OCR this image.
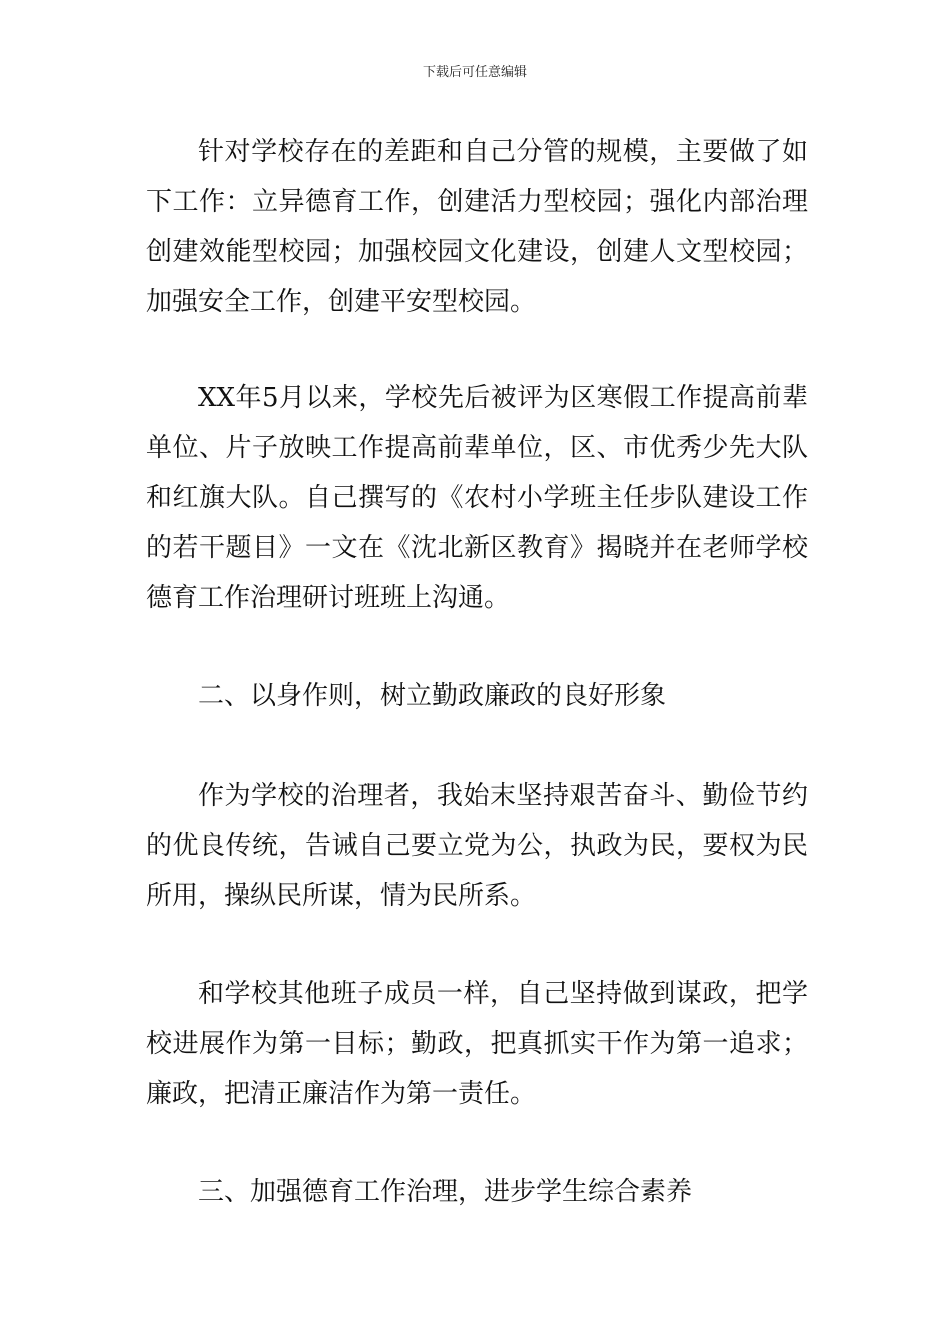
下载后可任意编辑

针对学校存在的差距和自己分管的规模，主要做了如下工作：立异德育工作，创建活力型校园；强化内部治理创建效能型校园；加强校园文化建设，创建人文型校园；加强安全工作，创建平安型校园。

XX年5月以来，学校先后被评为区寒假工作提高前辈单位、片子放映工作提高前辈单位，区、市优秀少先大队和红旗大队。自己撰写的《农村小学班主任步队建设工作的若干题目》一文在《沈北新区教育》揭晓并在老师学校德育工作治理研讨班班上沟通。

二、以身作则，树立勤政廉政的良好形象

作为学校的治理者，我始末坚持艰苦奋斗、勤俭节约的优良传统，告诫自己要立党为公，执政为民，要权为民所用，操纵民所谋，情为民所系。

和学校其他班子成员一样，自己坚持做到谋政，把学校进展作为第一目标；勤政，把真抓实干作为第一追求；廉政，把清正廉洁作为第一责任。

三、加强德育工作治理，进步学生综合素养
